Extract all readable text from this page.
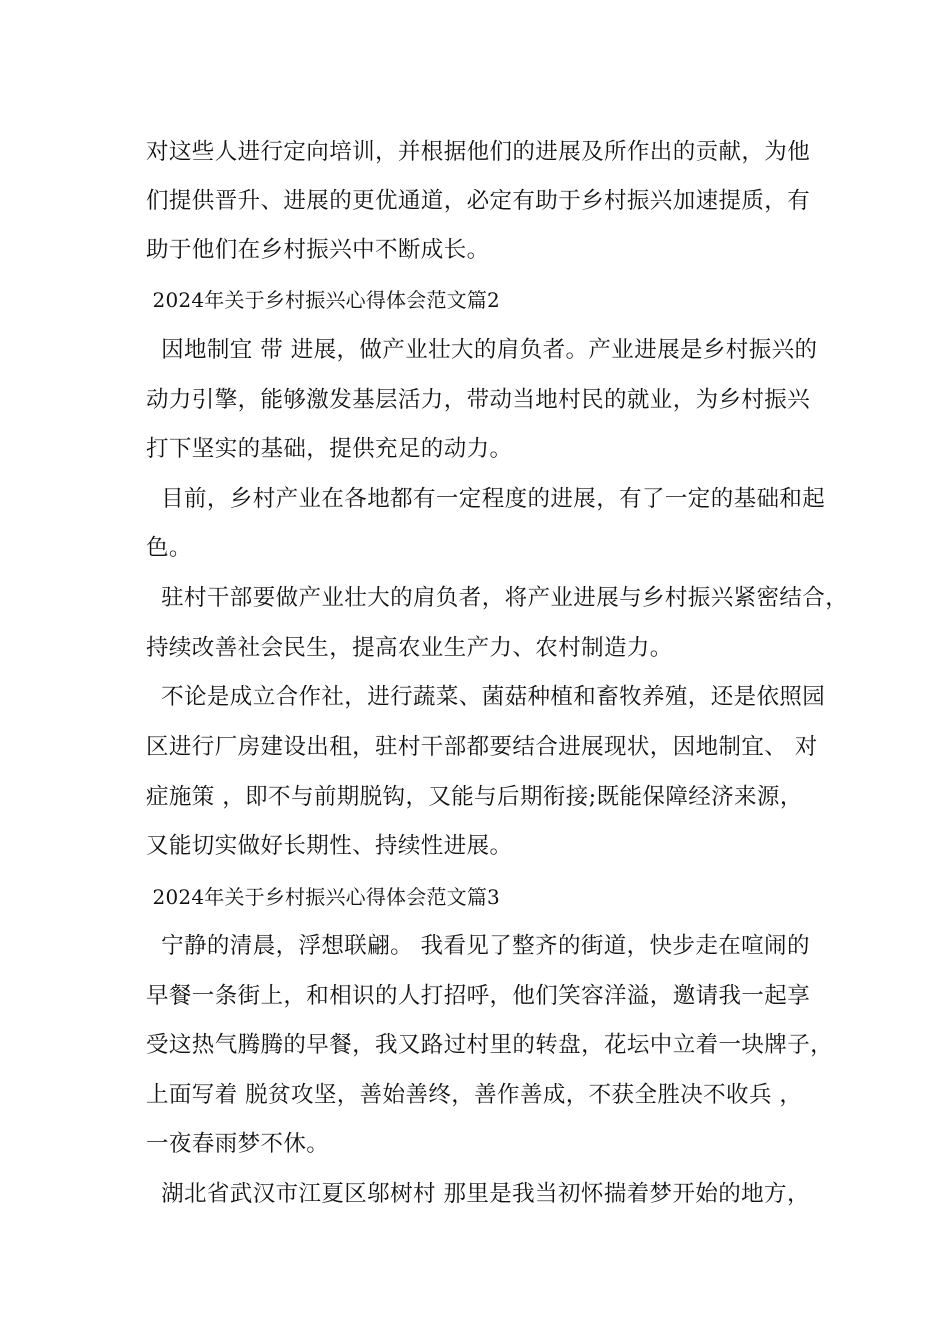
对这些人进行定向培训，并根据他们的进展及所作出的贡献，为他
们提供晋升、进展的更优通道，必定有助于乡村振兴加速提质，有
助于他们在乡村振兴中不断成长。
2024年关于乡村振兴心得体会范文篇2
因地制宜 带 进展，做产业壮大的肩负者。产业进展是乡村振兴的
动力引擎，能够激发基层活力，带动当地村民的就业，为乡村振兴
打下坚实的基础，提供充足的动力。
目前，乡村产业在各地都有一定程度的进展，有了一定的基础和起
色。
驻村干部要做产业壮大的肩负者，将产业进展与乡村振兴紧密结合，
持续改善社会民生，提高农业生产力、农村制造力。
不论是成立合作社，进行蔬菜、菌菇种植和畜牧养殖，还是依照园
区进行厂房建设出租，驻村干部都要结合进展现状，因地制宜、 对
症施策 ，即不与前期脱钩，又能与后期衔接;既能保障经济来源，
又能切实做好长期性、持续性进展。
2024年关于乡村振兴心得体会范文篇3
宁静的清晨，浮想联翩。 我看见了整齐的街道，快步走在喧闹的
早餐一条街上，和相识的人打招呼，他们笑容洋溢，邀请我一起享
受这热气腾腾的早餐，我又路过村里的转盘，花坛中立着一块牌子，
上面写着 脱贫攻坚，善始善终，善作善成，不获全胜决不收兵 ，
一夜春雨梦不休。
湖北省武汉市江夏区邬树村 那里是我当初怀揣着梦开始的地方，
